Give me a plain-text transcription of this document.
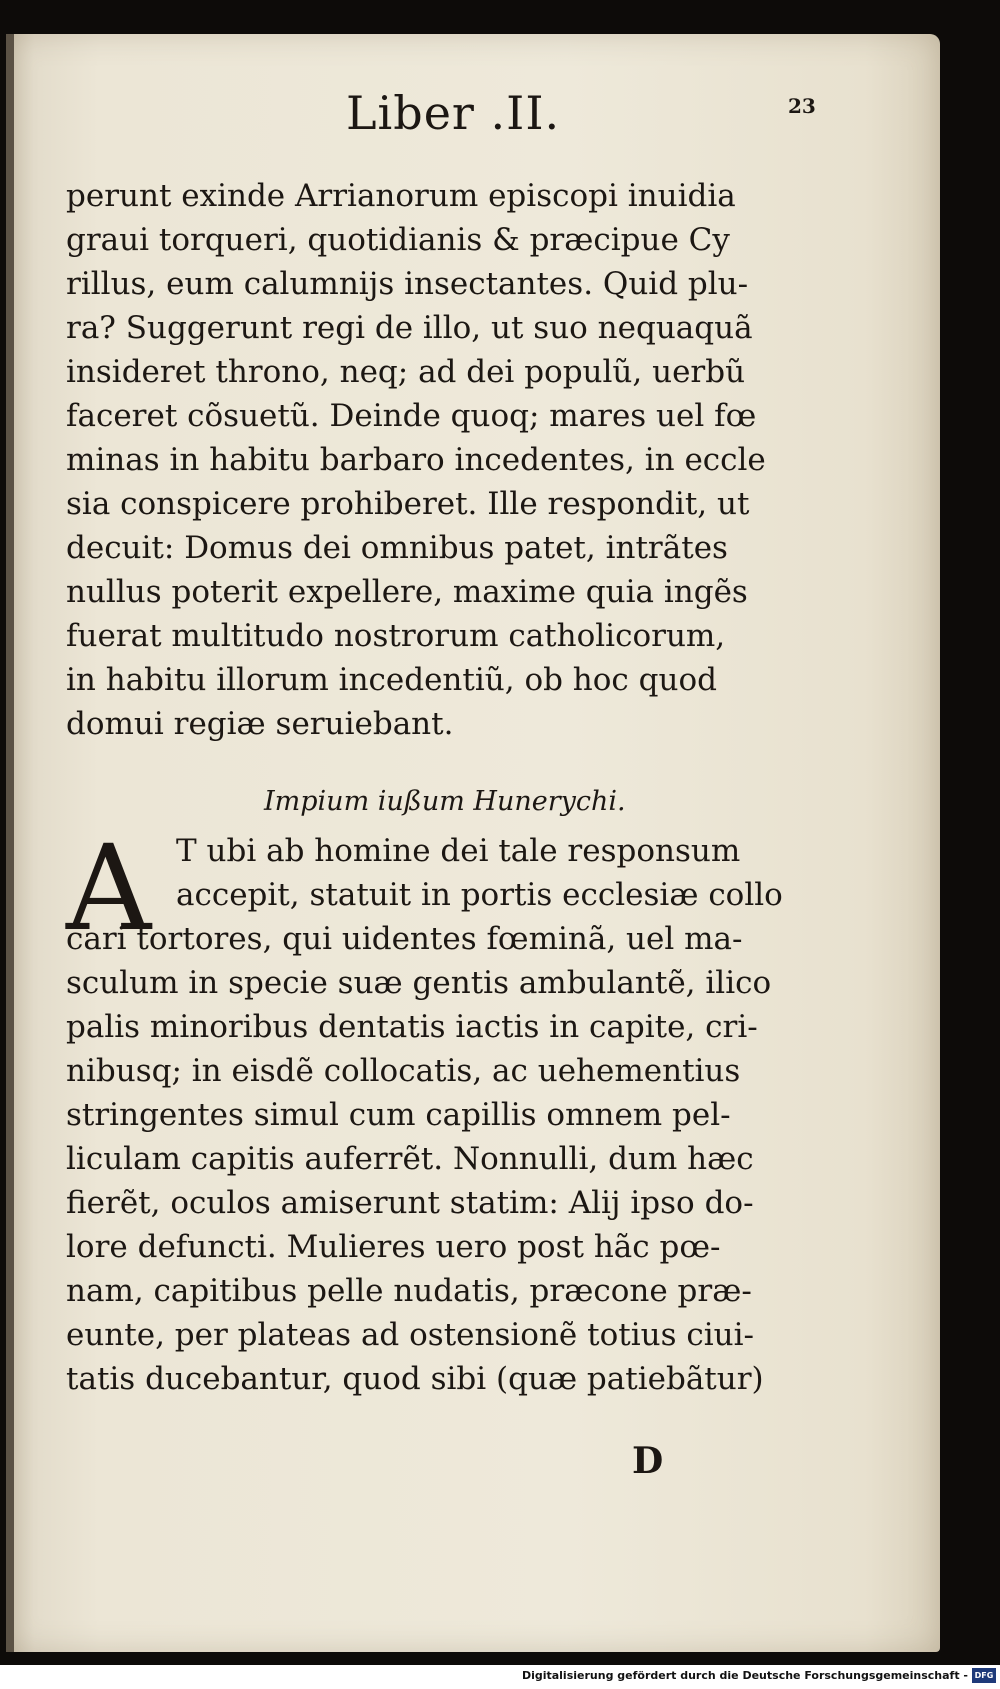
Liber .II.	23
perunt exinde Arrianorum episcopi inuidia
graui torqueri, quotidianis & præcipue Cy
rillus, eum calumnijs insectantes. Quid plu-
ra? Suggerunt regi de illo, ut suo nequaquã
insideret throno, neq; ad dei populũ, uerbũ
faceret cõsuetũ. Deinde quoq; mares uel fœ
minas in habitu barbaro incedentes, in eccle
sia conspicere prohiberet. Ille respondit, ut
decuit: Domus dei omnibus patet, intrãtes
nullus poterit expellere, maxime quia ingẽs
fuerat multitudo nostrorum catholicorum,
in habitu illorum incedentiũ, ob hoc quod
domui regiæ seruiebant.
Impium iußum Hunerychi.
A T ubi ab homine dei tale responsum
accepit, statuit in portis ecclesiæ collo
cari tortores, qui uidentes fœminã, uel ma-
sculum in specie suæ gentis ambulantẽ, ilico
palis minoribus dentatis iactis in capite, cri-
nibusq; in eisdẽ collocatis, ac uehementius
stringentes simul cum capillis omnem pel-
liculam capitis auferrẽt. Nonnulli, dum hæc
fierẽt, oculos amiserunt statim: Alij ipso do-
lore defuncti. Mulieres uero post hãc pœ-
nam, capitibus pelle nudatis, præcone præ-
eunte, per plateas ad ostensionẽ totius ciui-
tatis ducebantur, quod sibi (quæ patiebãtur)
D
Digitalisierung gefördert durch die Deutsche Forschungsgemeinschaft - DFG
